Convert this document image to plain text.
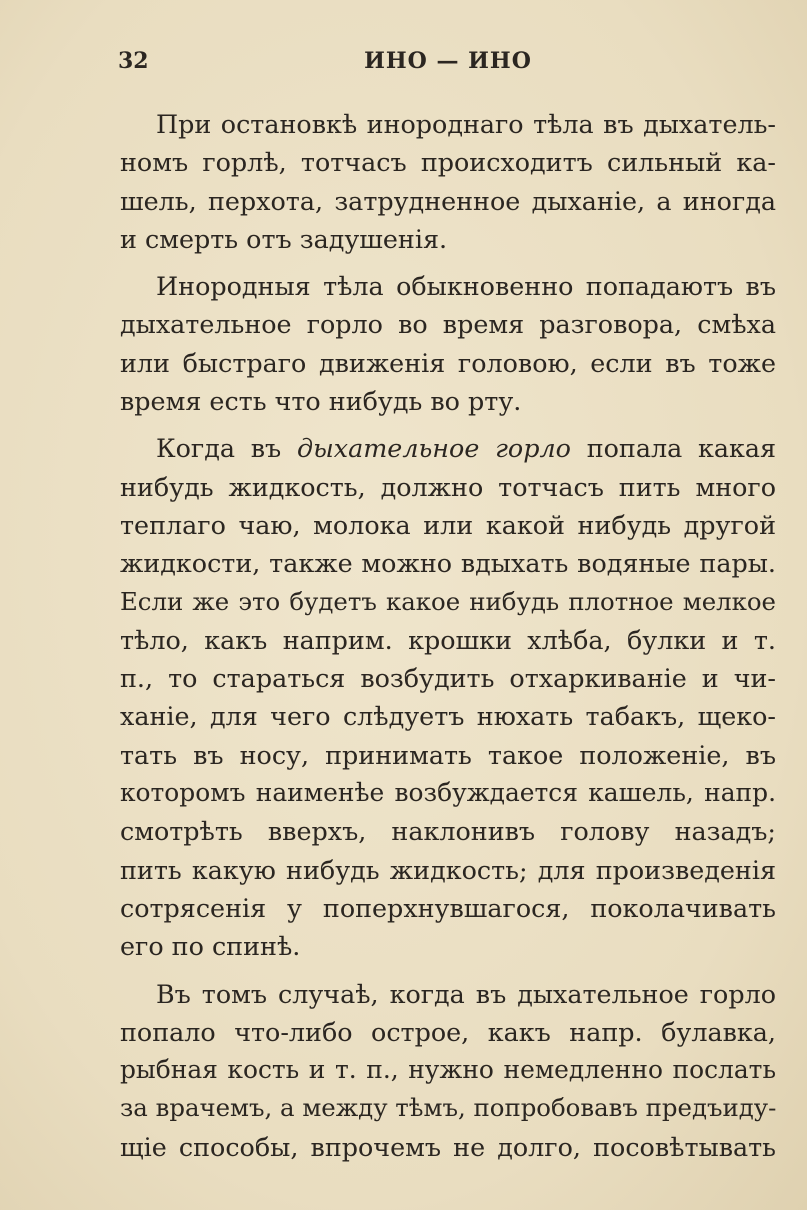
32	ИНО — ИНО
При остановкѣ инороднаго тѣла въ дыхатель-
номъ горлѣ, тотчасъ происходитъ сильный ка-
шель, перхота, затрудненное дыханіе, а иногда
и смерть отъ задушенія.
Инородныя тѣла обыкновенно попадаютъ въ
дыхательное горло во время разговора, смѣха
или быстраго движенія головою, если въ тоже
время есть что нибудь во рту.
Когда въ дыхательное горло попала какая
нибудь жидкость, должно тотчасъ пить много
теплаго чаю, молока или какой нибудь другой
жидкости, также можно вдыхать водяные пары.
Если же это будетъ какое нибудь плотное мелкое
тѣло, какъ наприм. крошки хлѣба, булки и т.
п., то стараться возбудить отхаркиваніе и чи-
ханіе, для чего слѣдуетъ нюхать табакъ, щеко-
тать въ носу, принимать такое положеніе, въ
которомъ наименѣе возбуждается кашель, напр.
смотрѣть вверхъ, наклонивъ голову назадъ;
пить какую нибудь жидкость; для произведенія
сотрясенія у поперхнувшагося, поколачивать
его по спинѣ.
Въ томъ случаѣ, когда въ дыхательное горло
попало что-либо острое, какъ напр. булавка,
рыбная кость и т. п., нужно немедленно послать
за врачемъ, а между тѣмъ, попробовавъ предъиду-
щіе способы, впрочемъ не долго, посовѣтывать
